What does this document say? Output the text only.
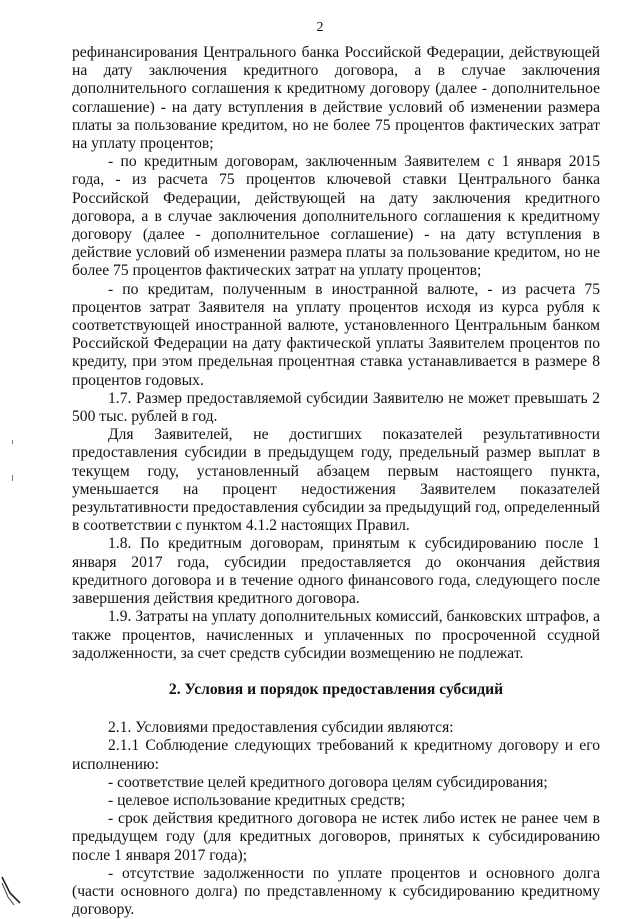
2

рефинансирования Центрального банка Российской Федерации, действующей на дату заключения кредитного договора, а в случае заключения дополнительного соглашения к кредитному договору (далее - дополнительное соглашение) - на дату вступления в действие условий об изменении размера платы за пользование кредитом, но не более 75 процентов фактических затрат на уплату процентов;

- по кредитным договорам, заключенным Заявителем с 1 января 2015 года, - из расчета 75 процентов ключевой ставки Центрального банка Российской Федерации, действующей на дату заключения кредитного договора, а в случае заключения дополнительного соглашения к кредитному договору (далее - дополнительное соглашение) - на дату вступления в действие условий об изменении размера платы за пользование кредитом, но не более 75 процентов фактических затрат на уплату процентов;

- по кредитам, полученным в иностранной валюте, - из расчета 75 процентов затрат Заявителя на уплату процентов исходя из курса рубля к соответствующей иностранной валюте, установленного Центральным банком Российской Федерации на дату фактической уплаты Заявителем процентов по кредиту, при этом предельная процентная ставка устанавливается в размере 8 процентов годовых.

1.7. Размер предоставляемой субсидии Заявителю не может превышать 2 500 тыс. рублей в год.

Для Заявителей, не достигших показателей результативности предоставления субсидии в предыдущем году, предельный размер выплат в текущем году, установленный абзацем первым настоящего пункта, уменьшается на процент недостижения Заявителем показателей результативности предоставления субсидии за предыдущий год, определенный в соответствии с пунктом 4.1.2 настоящих Правил.

1.8. По кредитным договорам, принятым к субсидированию после 1 января 2017 года, субсидии предоставляется до окончания действия кредитного договора и в течение одного финансового года, следующего после завершения действия кредитного договора.

1.9. Затраты на уплату дополнительных комиссий, банковских штрафов, а также процентов, начисленных и уплаченных по просроченной ссудной задолженности, за счет средств субсидии возмещению не подлежат.

2. Условия и порядок предоставления субсидий

2.1. Условиями предоставления субсидии являются:

2.1.1 Соблюдение следующих требований к кредитному договору и его исполнению:

- соответствие целей кредитного договора целям субсидирования;

- целевое использование кредитных средств;

- срок действия кредитного договора не истек либо истек не ранее чем в предыдущем году (для кредитных договоров, принятых к субсидированию после 1 января 2017 года);

- отсутствие задолженности по уплате процентов и основного долга (части основного долга) по представленному к субсидированию кредитному договору.
